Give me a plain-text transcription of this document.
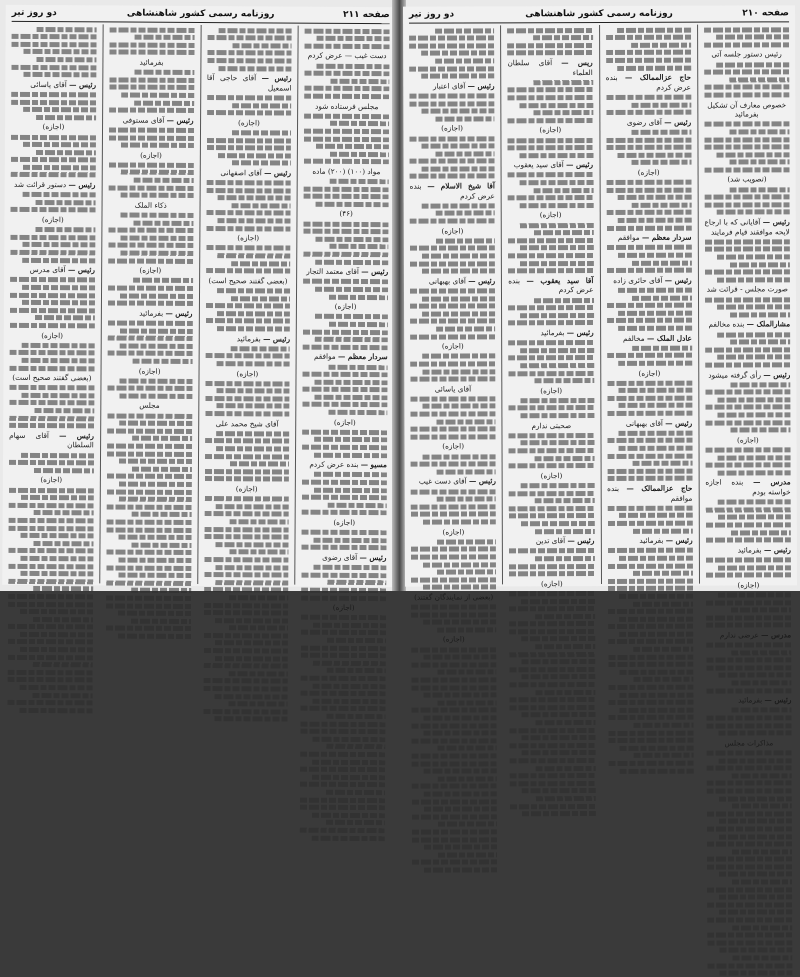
صفحه ۲۱۱
روزنامه رسمی کشور شاهنشاهی
دو روز تیر
دست غیب — عرض کردم
مجلس فرستاده شود
مواد (۱۰۰) (۲۰۰) ماده
(۴۶)
رئیس — آقای معتمد التجار
(اجازه)
سردار معظم — موافقم
(اجازه)
مسیو — بنده عرض کردم
(اجازه)
رئیس — آقای رضوی
(اجازه)
رئیس — آقای حاجی آقا اسمعیل
(اجازه)
رئیس — آقای اصفهانی
(اجازه)
(بعضی گفتند صحیح است)
رئیس — بفرمائید
(اجازه)
آقای شیخ محمد علی
(اجازه)
بفرمائید
رئیس — آقای مستوفی
(اجازه)
ذکاء الملک
(اجازه)
رئیس — بفرمائید
(اجازه)
مجلس
رئیس — آقای یاسائی
(اجازه)
رئیس — دستور قرائت شد
(اجازه)
رئیس — آقای مدرس
(اجازه)
(بعضی گفتند صحیح است)
رئیس — آقای سهام السلطان
(اجازه)
صفحه ۲۱۰
روزنامه رسمی کشور شاهنشاهی
دو روز تیر
رئیس دستور جلسه آتی
خصوص معارف آن تشکیل بفرمائید
(تصویب شد)
رئیس — آقایانی که با ارجاع لایحه موافقند قیام فرمایند
صورت مجلس - قرائت شد
مشارالملک — بنده مخالفم
رئیس — رأی گرفته میشود
(اجازه)
مدرس — بنده اجازه خواسته بودم
رئیس — بفرمائید
(اجازه)
مدرس — عرضی ندارم
رئیس — بفرمائید
مذاکرات مجلس
حاج عزالممالک — بنده عرض کردم
رئیس — آقای رضوی
(اجازه)
سردار معظم — موافقم
رئیس — آقای حائری زاده
عادل الملک — مخالفم
(اجازه)
رئیس — آقای بهبهانی
حاج عزالممالک — بنده موافقم
رئیس — بفرمائید
ریس — آقای سلطان العلماء
(اجازه)
رئیس — آقای سید یعقوب
(اجازه)
آقا سید یعقوب — بنده عرض کردم
رئیس — بفرمائید
(اجازه)
صحبتی ندارم
(اجازه)
رئیس — آقای تدین
(اجازه)
رئیس — آقای اعتبار
(اجازه)
آقا شیخ الاسلام — بنده عرض کردم
(اجازه)
رئیس — آقای بهبهانی
(اجازه)
آقای یاسائی
(اجازه)
رئیس — آقای دست غیب
(اجازه)
(بعضی از نمایندگان گفتند)
(اجازه)
